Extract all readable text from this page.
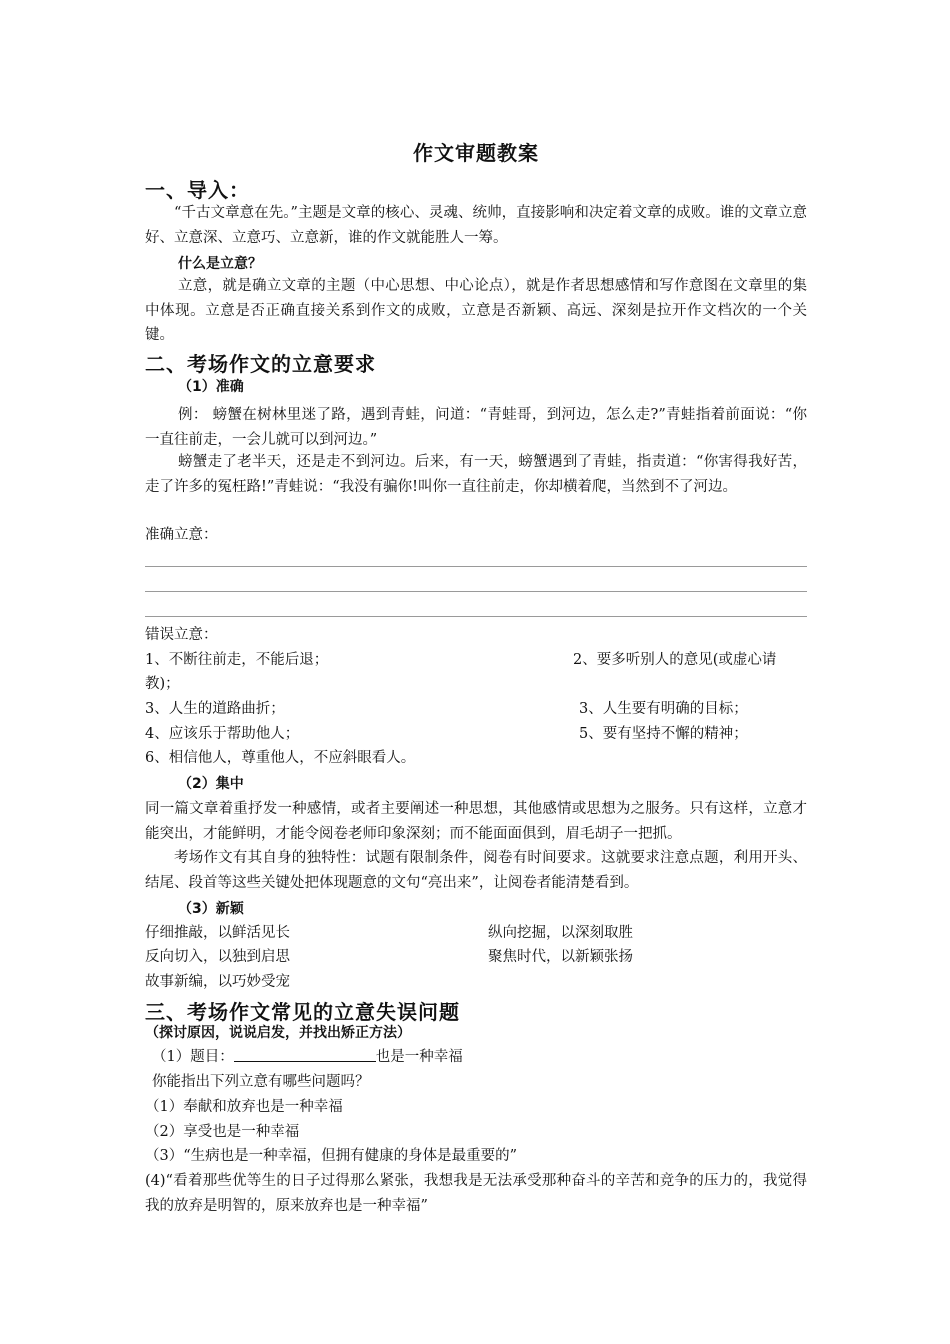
作文审题教案
一、导入：
“千古文章意在先。”主题是文章的核心、灵魂、统帅，直接影响和决定着文章的成败。谁的文章立意好、立意深、立意巧、立意新，谁的作文就能胜人一筹。
什么是立意？
立意，就是确立文章的主题（中心思想、中心论点），就是作者思想感情和写作意图在文章里的集中体现。立意是否正确直接关系到作文的成败，立意是否新颖、高远、深刻是拉开作文档次的一个关键。
二、考场作文的立意要求
（1）准确
例： 螃蟹在树林里迷了路，遇到青蛙，问道：“青蛙哥，到河边，怎么走?”青蛙指着前面说：“你一直往前走，一会儿就可以到河边。”
螃蟹走了老半天，还是走不到河边。后来，有一天，螃蟹遇到了青蛙，指责道：“你害得我好苦，走了许多的冤枉路!”青蛙说：“我没有骗你!叫你一直往前走，你却横着爬，当然到不了河边。
准确立意：
错误立意：
1、不断往前走，不能后退；	2、要多听别人的意见(或虚心请
教)；
3、人生的道路曲折；	3、人生要有明确的目标；
4、应该乐于帮助他人；	5、要有坚持不懈的精神；
6、相信他人，尊重他人，不应斜眼看人。
（2）集中
同一篇文章着重抒发一种感情，或者主要阐述一种思想，其他感情或思想为之服务。只有这样，立意才能突出，才能鲜明，才能令阅卷老师印象深刻；而不能面面俱到，眉毛胡子一把抓。
考场作文有其自身的独特性：试题有限制条件，阅卷有时间要求。这就要求注意点题，利用开头、结尾、段首等这些关键处把体现题意的文句“亮出来”，让阅卷者能清楚看到。
（3）新颖
仔细推敲，以鲜活见长	纵向挖掘，以深刻取胜
反向切入，以独到启思	聚焦时代，以新颖张扬
故事新编，以巧妙受宠
三、考场作文常见的立意失误问题
（探讨原因，说说启发，并找出矫正方法）
（1）题目：	也是一种幸福
你能指出下列立意有哪些问题吗？
（1）奉献和放弃也是一种幸福
（2）享受也是一种幸福
（3）“生病也是一种幸福，但拥有健康的身体是最重要的”
(4)“看着那些优等生的日子过得那么紧张，我想我是无法承受那种奋斗的辛苦和竞争的压力的，我觉得我的放弃是明智的，原来放弃也是一种幸福”
